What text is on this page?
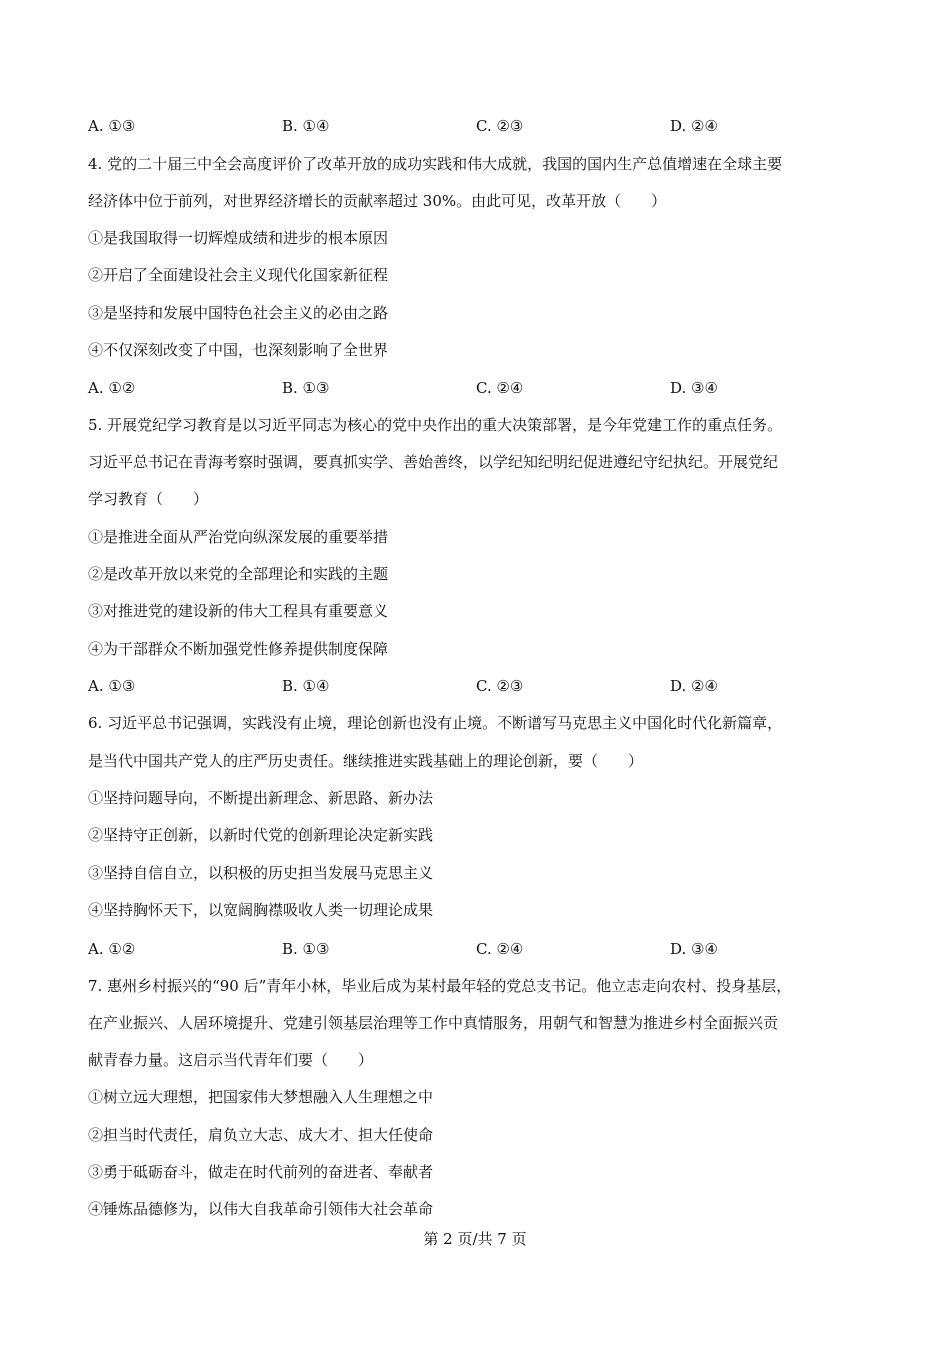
A. ①③	B. ①④	C. ②③	D. ②④
4. 党的二十届三中全会高度评价了改革开放的成功实践和伟大成就，我国的国内生产总值增速在全球主要
经济体中位于前列，对世界经济增长的贡献率超过 30%。由此可见，改革开放（　　）
①是我国取得一切辉煌成绩和进步的根本原因
②开启了全面建设社会主义现代化国家新征程
③是坚持和发展中国特色社会主义的必由之路
④不仅深刻改变了中国，也深刻影响了全世界
A. ①②	B. ①③	C. ②④	D. ③④
5. 开展党纪学习教育是以习近平同志为核心的党中央作出的重大决策部署，是今年党建工作的重点任务。
习近平总书记在青海考察时强调，要真抓实学、善始善终，以学纪知纪明纪促进遵纪守纪执纪。开展党纪
学习教育（　　）
①是推进全面从严治党向纵深发展的重要举措
②是改革开放以来党的全部理论和实践的主题
③对推进党的建设新的伟大工程具有重要意义
④为干部群众不断加强党性修养提供制度保障
A. ①③	B. ①④	C. ②③	D. ②④
6. 习近平总书记强调，实践没有止境，理论创新也没有止境。不断谱写马克思主义中国化时代化新篇章，
是当代中国共产党人的庄严历史责任。继续推进实践基础上的理论创新，要（　　）
①坚持问题导向，不断提出新理念、新思路、新办法
②坚持守正创新，以新时代党的创新理论决定新实践
③坚持自信自立，以积极的历史担当发展马克思主义
④坚持胸怀天下，以宽阔胸襟吸收人类一切理论成果
A. ①②	B. ①③	C. ②④	D. ③④
7. 惠州乡村振兴的“90 后”青年小林，毕业后成为某村最年轻的党总支书记。他立志走向农村、投身基层，
在产业振兴、人居环境提升、党建引领基层治理等工作中真情服务，用朝气和智慧为推进乡村全面振兴贡
献青春力量。这启示当代青年们要（　　）
①树立远大理想，把国家伟大梦想融入人生理想之中
②担当时代责任，肩负立大志、成大才、担大任使命
③勇于砥砺奋斗，做走在时代前列的奋进者、奉献者
④锤炼品德修为，以伟大自我革命引领伟大社会革命
第 2 页/共 7 页
